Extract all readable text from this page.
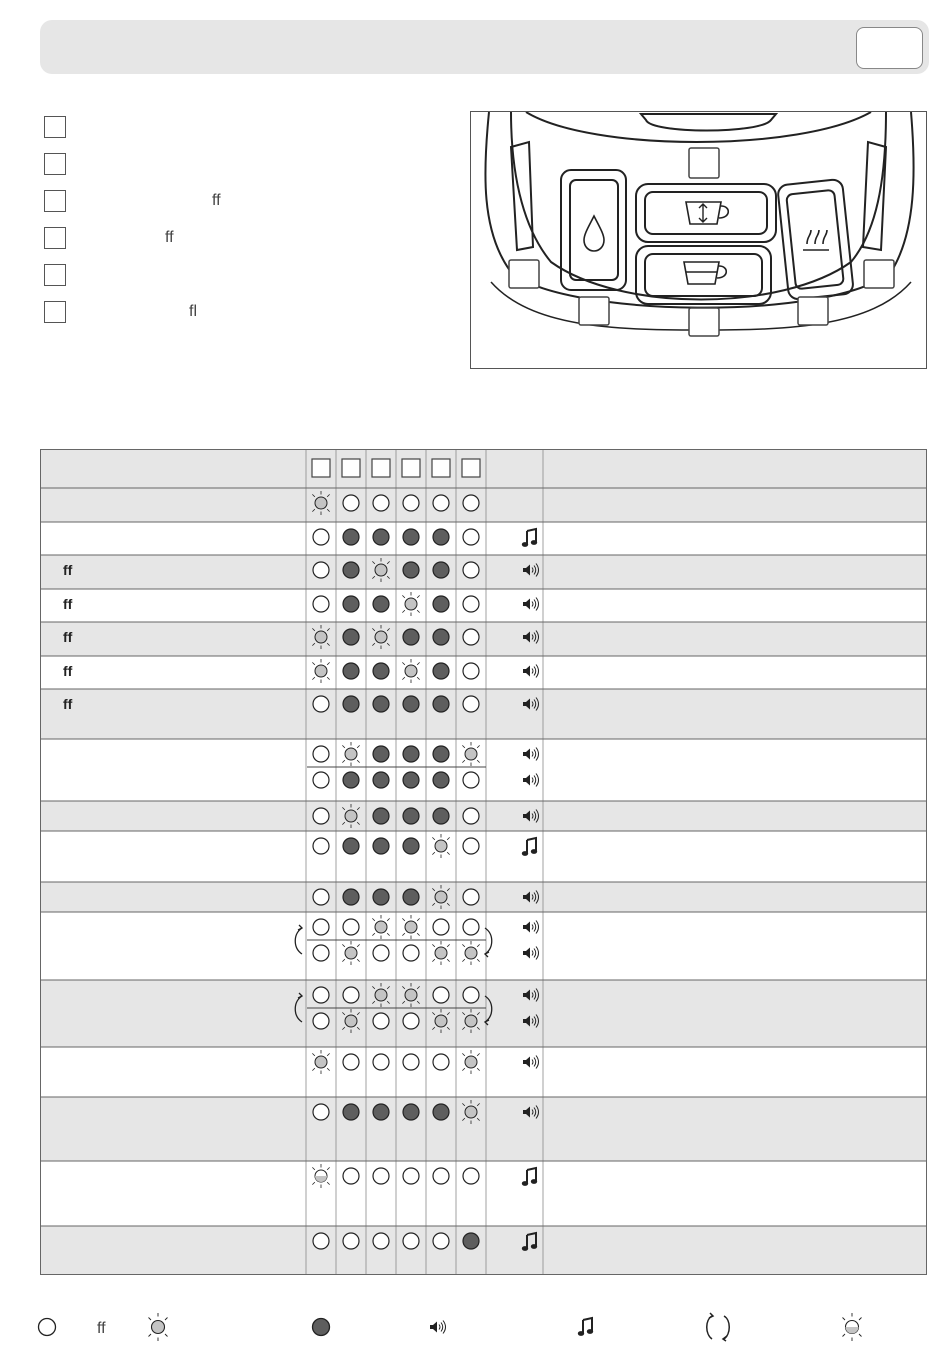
ff
ff
fl
ff
ff
ff
ff
ff
ff
